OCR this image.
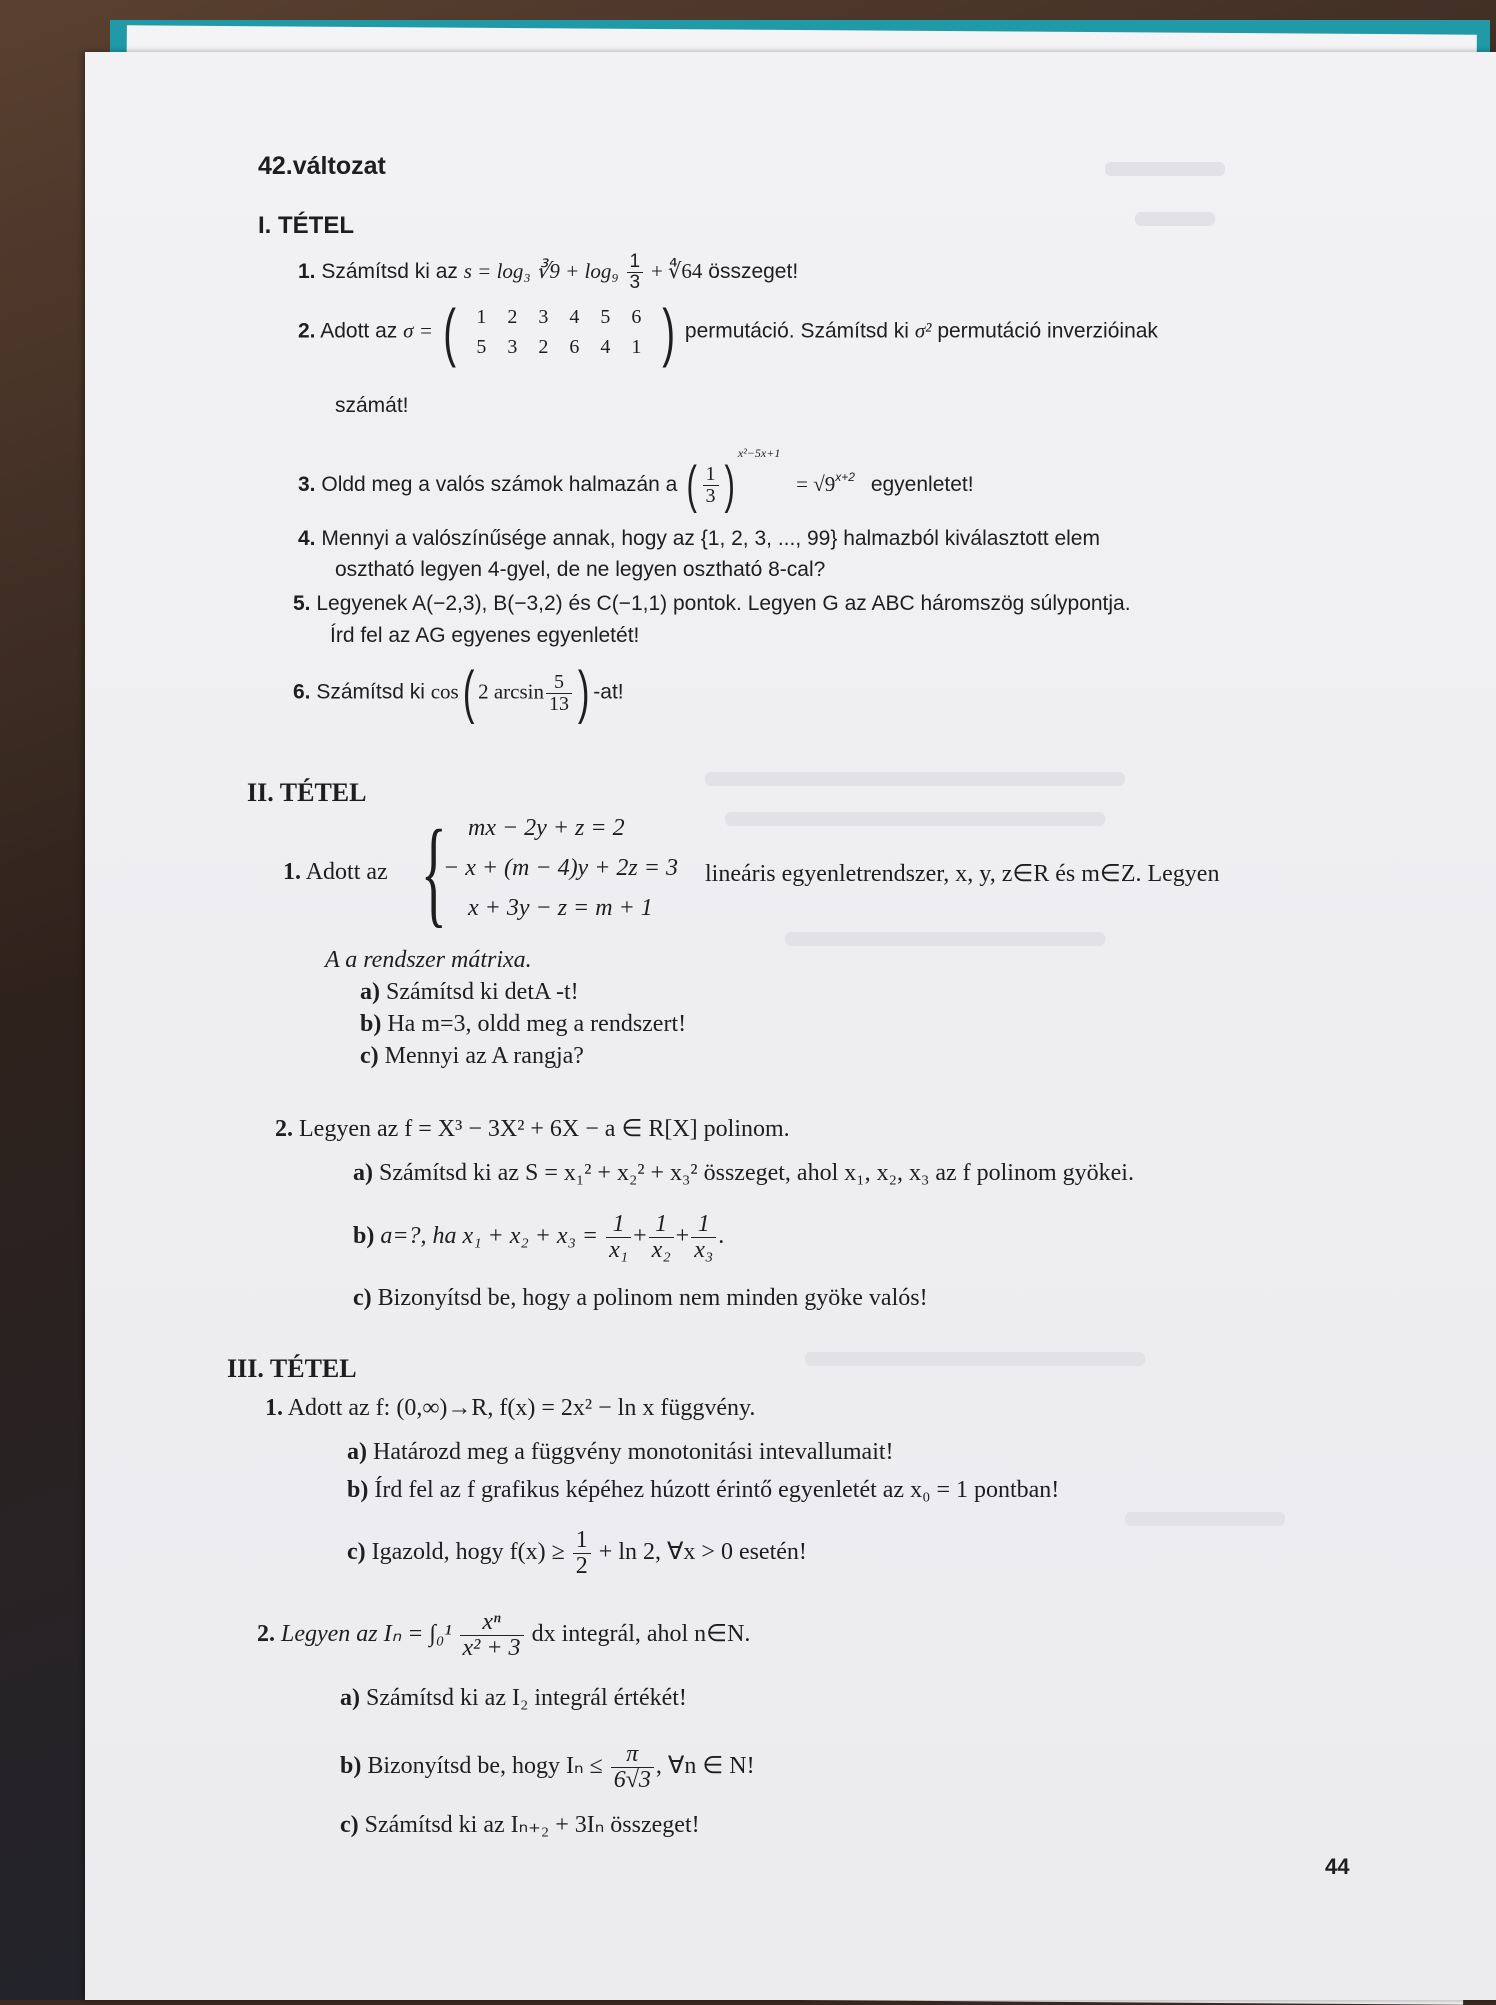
42.változat
I. TÉTEL
1. Számítsd ki az s = log₃ ∛9 + $\log_9 \frac{1}{3}$ + ∜64 összeget!
2. Adott az σ = (	1 2 3 4 5 6
5 3 2 6 4 1 ) permutáció. Számítsd ki σ² permutáció inverzióinak
számát!
3. Oldd meg a valós számok halmazán a ( $\frac{1}{3} )^{x^2-5x+1} = √9^{x+2}$ egyenletet!
4. Mennyi a valószínűsége annak, hogy az {1, 2, 3, ..., 99} halmazból kiválasztott elem
osztható legyen 4-gyel, de ne legyen osztható 8-cal?
5. Legyenek A(−2,3), B(−3,2) és C(−1,1) pontok. Legyen G az ABC háromszög súlypontja.
Írd fel az AG egyenes egyenletét!
6. Számítsd ki cos( 2 $\arcsin \frac{5}{13}$ ) -at!
II. TÉTEL
1. Adott az { mx − 2y + z = 2
− x + (m − 4)y + 2z = 3
x + 3y − z = m + 1
lineáris egyenletrendszer, x, y, z∈R és m∈Z. Legyen
A a rendszer mátrixa.
a) Számítsd ki detA -t!
b) Ha m=3, oldd meg a rendszert!
c) Mennyi az A rangja?
2. Legyen az f = X³ − 3X² + 6X − a ∈ R[X] polinom.
a) Számítsd ki az S = x₁² + x₂² + x₃² összeget, ahol x₁, x₂, x₃ az f polinom gyökei.
b) a=?, ha $x_1 + x_2 + x_3 = \frac{1}{\text{x₁}} + \frac{1}{\text{x₂}} + \frac{1}{\text{x₃}}$ .
c) Bizonyítsd be, hogy a polinom nem minden gyöke valós!
III. TÉTEL
1. Adott az f: (0,∞)→R, f(x) = 2x² − ln x függvény.
a) Határozd meg a függvény monotonitási intevallumait!
b) Írd fel az f grafikus képéhez húzott érintő egyenletét az x₀ = 1 pontban!
c) Igazold, hogy $f(x) \ge \frac{1}{2} + \ln 2$, ∀x > 0 esetén!
2. Legyen az $I_n = \int_0^1 \frac{\text{xⁿ}}{\text{x² + 3}}$ dx integrál, ahol n∈N.
a) Számítsd ki az I₂ integrál értékét!
b) Bizonyítsd be, hogy $I_n \le \frac{\pi}{6√3}$ , ∀n ∈ N!
c) Számítsd ki az Iₙ₊₂ + 3Iₙ összeget!
44
